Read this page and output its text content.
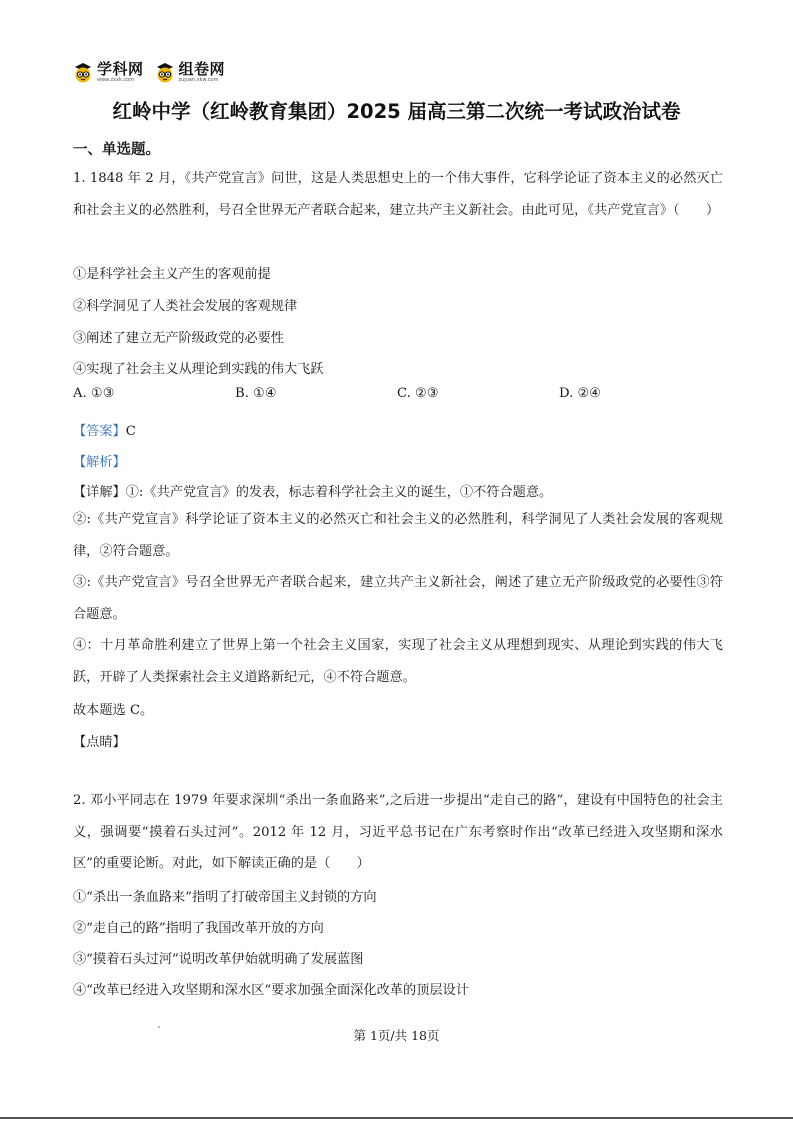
学科网
www.zxxk.com
组卷网
zujuan.xkw.com
红岭中学（红岭教育集团）2025 届高三第二次统一考试政治试卷
一、单选题。
1. 1848 年 2 月，《共产党宣言》问世，这是人类思想史上的一个伟大事件，它科学论证了资本主义的必然灭亡和社会主义的必然胜利，号召全世界无产者联合起来，建立共产主义新社会。由此可见，《共产党宣言》（　　）
①是科学社会主义产生的客观前提
②科学洞见了人类社会发展的客观规律
③阐述了建立无产阶级政党的必要性
④实现了社会主义从理论到实践的伟大飞跃
A. ①③	B. ①④	C. ②③	D. ②④
【答案】C
【解析】
【详解】①:《共产党宣言》的发表，标志着科学社会主义的诞生，①不符合题意。
②:《共产党宣言》科学论证了资本主义的必然灭亡和社会主义的必然胜利，科学洞见了人类社会发展的客观规律，②符合题意。
③:《共产党宣言》号召全世界无产者联合起来，建立共产主义新社会，阐述了建立无产阶级政党的必要性③符合题意。
④：十月革命胜利建立了世界上第一个社会主义国家，实现了社会主义从理想到现实、从理论到实践的伟大飞跃，开辟了人类探索社会主义道路新纪元，④不符合题意。
故本题选 C。
【点睛】
2. 邓小平同志在 1979 年要求深圳“杀出一条血路来”,之后进一步提出“走自己的路”，建设有中国特色的社会主义，强调要“摸着石头过河”。2012 年 12 月，习近平总书记在广东考察时作出“改革已经进入攻坚期和深水区”的重要论断。对此，如下解读正确的是（　　）
①“杀出一条血路来”指明了打破帝国主义封锁的方向
②“走自己的路”指明了我国改革开放的方向
③“摸着石头过河”说明改革伊始就明确了发展蓝图
④“改革已经进入攻坚期和深水区“要求加强全面深化改革的顶层设计
第 1页/共 18页
